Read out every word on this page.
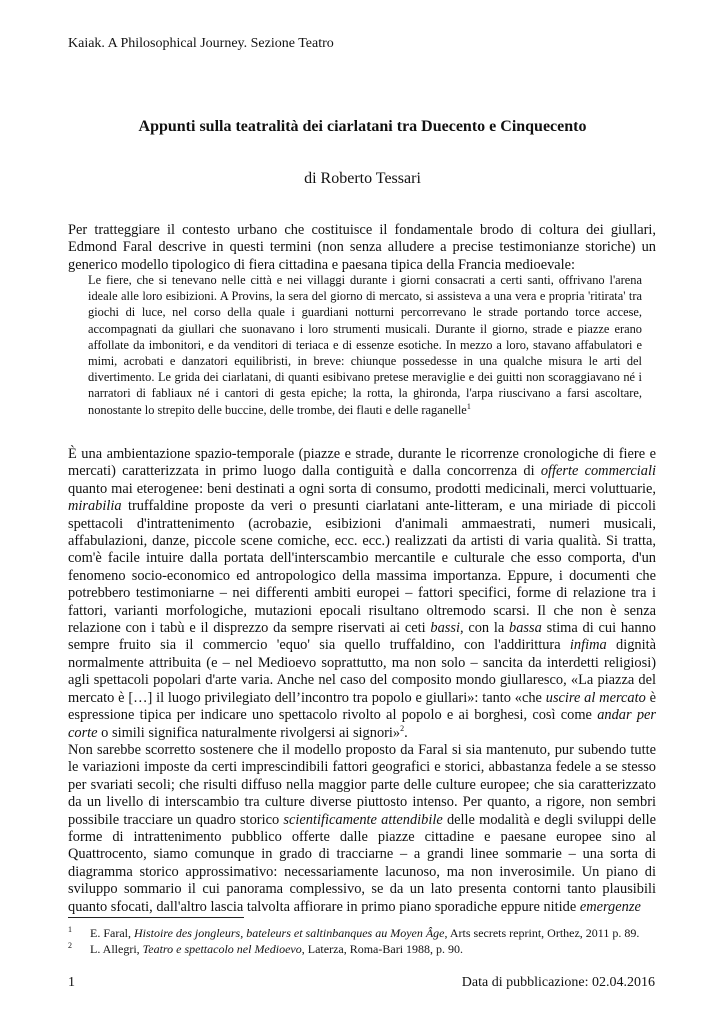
Kaiak. A Philosophical Journey. Sezione Teatro
Appunti sulla teatralità dei ciarlatani tra Duecento e Cinquecento
di Roberto Tessari

Per tratteggiare il contesto urbano che costituisce il fondamentale brodo di coltura dei giullari, Edmond Faral descrive in questi termini (non senza alludere a precise testimonianze storiche) un generico modello tipologico di fiera cittadina e paesana tipica della Francia medioevale:

Le fiere, che si tenevano nelle città e nei villaggi durante i giorni consacrati a certi santi, offrivano l'arena ideale alle loro esibizioni. A Provins, la sera del giorno di mercato, si assisteva a una vera e propria 'ritirata' tra giochi di luce, nel corso della quale i guardiani notturni percorrevano le strade portando torce accese, accompagnati da giullari che suonavano i loro strumenti musicali. Durante il giorno, strade e piazze erano affollate da imbonitori, e da venditori di teriaca e di essenze esotiche. In mezzo a loro, stavano affabulatori e mimi, acrobati e danzatori equilibristi, in breve: chiunque possedesse in una qualche misura le arti del divertimento. Le grida dei ciarlatani, di quanti esibivano pretese meraviglie e dei guitti non scoraggiavano né i narratori di fabliaux né i cantori di gesta epiche; la rotta, la ghironda, l'arpa riuscivano a farsi ascoltare, nonostante lo strepito delle buccine, delle trombe, dei flauti e delle raganelle$^1$

È una ambientazione spazio-temporale (piazze e strade, durante le ricorrenze cronologiche di fiere e mercati) caratterizzata in primo luogo dalla contiguità e dalla concorrenza di offerte commerciali quanto mai eterogenee: beni destinati a ogni sorta di consumo, prodotti medicinali, merci voluttuarie, mirabilia truffaldine proposte da veri o presunti ciarlatani ante-litteram, e una miriade di piccoli spettacoli d'intrattenimento (acrobazie, esibizioni d'animali ammaestrati, numeri musicali, affabulazioni, danze, piccole scene comiche, ecc. ecc.) realizzati da artisti di varia qualità. Si tratta, com'è facile intuire dalla portata dell'interscambio mercantile e culturale che esso comporta, d'un fenomeno socio-economico ed antropologico della massima importanza. Eppure, i documenti che potrebbero testimoniarne – nei differenti ambiti europei – fattori specifici, forme di relazione tra i fattori, varianti morfologiche, mutazioni epocali risultano oltremodo scarsi. Il che non è senza relazione con i tabù e il disprezzo da sempre riservati ai ceti bassi, con la bassa stima di cui hanno sempre fruito sia il commercio 'equo' sia quello truffaldino, con l'addirittura infima dignità normalmente attribuita (e – nel Medioevo soprattutto, ma non solo – sancita da interdetti religiosi) agli spettacoli popolari d'arte varia. Anche nel caso del composito mondo giullaresco, «La piazza del mercato è […] il luogo privilegiato dell’incontro tra popolo e giullari»: tanto «che uscire al mercato è espressione tipica per indicare uno spettacolo rivolto al popolo e ai borghesi, così come andar per corte o simili significa naturalmente rivolgersi ai signori»$^2$.

Non sarebbe scorretto sostenere che il modello proposto da Faral si sia mantenuto, pur subendo tutte le variazioni imposte da certi imprescindibili fattori geografici e storici, abbastanza fedele a se stesso per svariati secoli; che risulti diffuso nella maggior parte delle culture europee; che sia caratterizzato da un livello di interscambio tra culture diverse piuttosto intenso. Per quanto, a rigore, non sembri possibile tracciare un quadro storico scientificamente attendibile delle modalità e degli sviluppi delle forme di intrattenimento pubblico offerte dalle piazze cittadine e paesane europee sino al Quattrocento, siamo comunque in grado di tracciarne – a grandi linee sommarie – una sorta di diagramma storico approssimativo: necessariamente lacunoso, ma non inverosimile. Un piano di sviluppo sommario il cui panorama complessivo, se da un lato presenta contorni tanto plausibili quanto sfocati, dall'altro lascia talvolta affiorare in primo piano sporadiche eppure nitide emergenze

1 E. Faral, Histoire des jongleurs, bateleurs et saltinbanques au Moyen Âge, Arts secrets reprint, Orthez, 2011 p. 89.
2 L. Allegri, Teatro e spettacolo nel Medioevo, Laterza, Roma-Bari 1988, p. 90.
1	Data di pubblicazione: 02.04.2016
